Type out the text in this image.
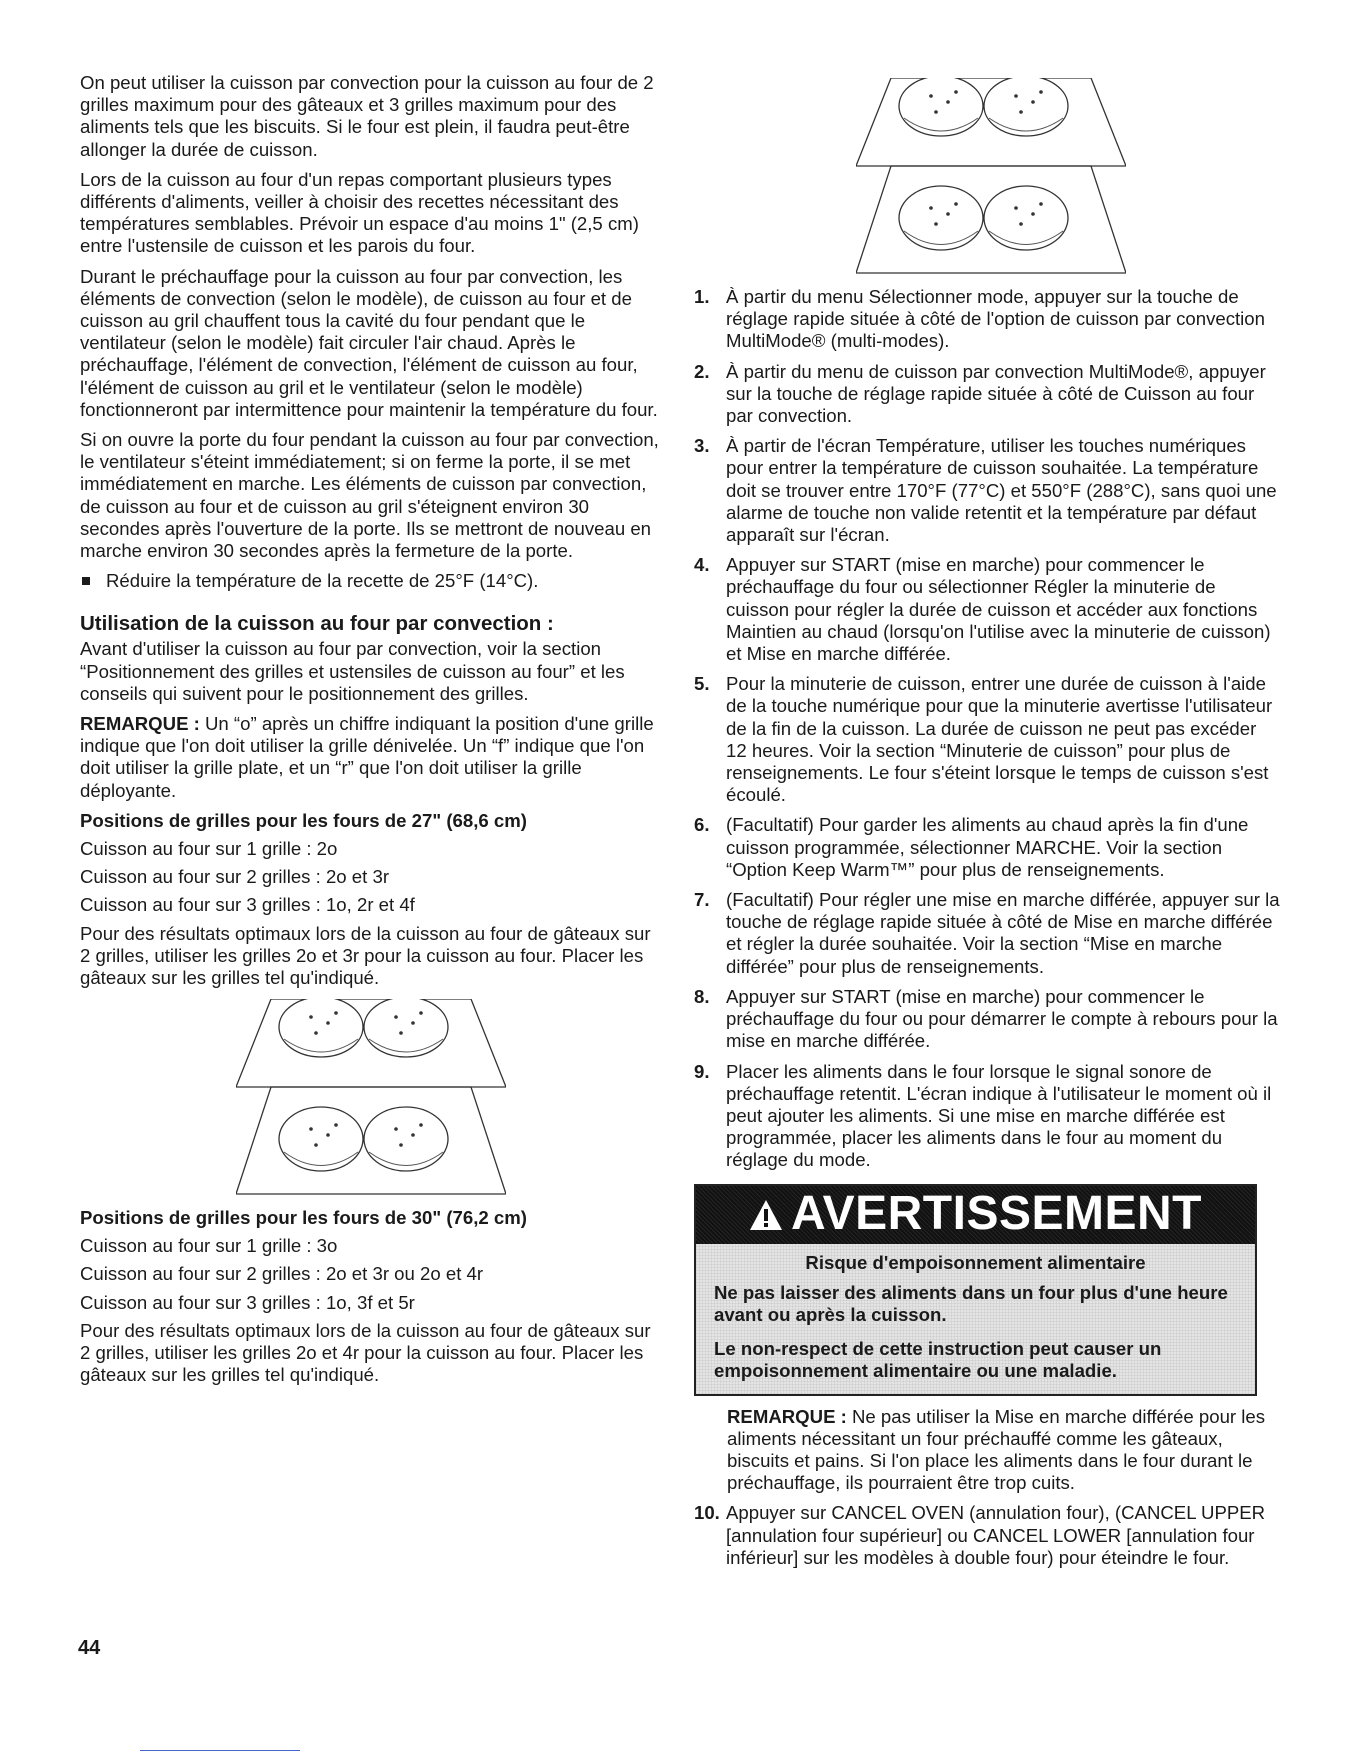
On peut utiliser la cuisson par convection pour la cuisson au four de 2 grilles maximum pour des gâteaux et 3 grilles maximum pour des aliments tels que les biscuits. Si le four est plein, il faudra peut-être allonger la durée de cuisson.

Lors de la cuisson au four d'un repas comportant plusieurs types différents d'aliments, veiller à choisir des recettes nécessitant des températures semblables. Prévoir un espace d'au moins 1" (2,5 cm) entre l'ustensile de cuisson et les parois du four.

Durant le préchauffage pour la cuisson au four par convection, les éléments de convection (selon le modèle), de cuisson au four et de cuisson au gril chauffent tous la cavité du four pendant que le ventilateur (selon le modèle) fait circuler l'air chaud. Après le préchauffage, l'élément de convection, l'élément de cuisson au four, l'élément de cuisson au gril et le ventilateur (selon le modèle) fonctionneront par intermittence pour maintenir la température du four.

Si on ouvre la porte du four pendant la cuisson au four par convection, le ventilateur s'éteint immédiatement; si on ferme la porte, il se met immédiatement en marche. Les éléments de cuisson par convection, de cuisson au four et de cuisson au gril s'éteignent environ 30 secondes après l'ouverture de la porte. Ils se mettront de nouveau en marche environ 30 secondes après la fermeture de la porte.

Réduire la température de la recette de 25°F (14°C).
Utilisation de la cuisson au four par convection :

Avant d'utiliser la cuisson au four par convection, voir la section “Positionnement des grilles et ustensiles de cuisson au four” et les conseils qui suivent pour le positionnement des grilles.

REMARQUE : Un “o” après un chiffre indiquant la position d'une grille indique que l'on doit utiliser la grille dénivelée. Un “f” indique que l'on doit utiliser la grille plate, et un “r” que l'on doit utiliser la grille déployante.

Positions de grilles pour les fours de 27" (68,6 cm)
Cuisson au four sur 1 grille : 2o
Cuisson au four sur 2 grilles : 2o et 3r
Cuisson au four sur 3 grilles : 1o, 2r et 4f

Pour des résultats optimaux lors de la cuisson au four de gâteaux sur 2 grilles, utiliser les grilles 2o et 3r pour la cuisson au four. Placer les gâteaux sur les grilles tel qu'indiqué.

Positions de grilles pour les fours de 30" (76,2 cm)
Cuisson au four sur 1 grille : 3o
Cuisson au four sur 2 grilles : 2o et 3r ou 2o et 4r
Cuisson au four sur 3 grilles : 1o, 3f et 5r

Pour des résultats optimaux lors de la cuisson au four de gâteaux sur 2 grilles, utiliser les grilles 2o et 4r pour la cuisson au four. Placer les gâteaux sur les grilles tel qu'indiqué.

1. À partir du menu Sélectionner mode, appuyer sur la touche de réglage rapide située à côté de l'option de cuisson par convection MultiMode® (multi-modes).
2. À partir du menu de cuisson par convection MultiMode®, appuyer sur la touche de réglage rapide située à côté de Cuisson au four par convection.
3. À partir de l'écran Température, utiliser les touches numériques pour entrer la température de cuisson souhaitée. La température doit se trouver entre 170°F (77°C) et 550°F (288°C), sans quoi une alarme de touche non valide retentit et la température par défaut apparaît sur l'écran.
4. Appuyer sur START (mise en marche) pour commencer le préchauffage du four ou sélectionner Régler la minuterie de cuisson pour régler la durée de cuisson et accéder aux fonctions Maintien au chaud (lorsqu'on l'utilise avec la minuterie de cuisson) et Mise en marche différée.
5. Pour la minuterie de cuisson, entrer une durée de cuisson à l'aide de la touche numérique pour que la minuterie avertisse l'utilisateur de la fin de la cuisson. La durée de cuisson ne peut pas excéder 12 heures. Voir la section “Minuterie de cuisson” pour plus de renseignements. Le four s'éteint lorsque le temps de cuisson s'est écoulé.
6. (Facultatif) Pour garder les aliments au chaud après la fin d'une cuisson programmée, sélectionner MARCHE. Voir la section “Option Keep Warm™” pour plus de renseignements.
7. (Facultatif) Pour régler une mise en marche différée, appuyer sur la touche de réglage rapide située à côté de Mise en marche différée et régler la durée souhaitée. Voir la section “Mise en marche différée” pour plus de renseignements.
8. Appuyer sur START (mise en marche) pour commencer le préchauffage du four ou pour démarrer le compte à rebours pour la mise en marche différée.
9. Placer les aliments dans le four lorsque le signal sonore de préchauffage retentit. L'écran indique à l'utilisateur le moment où il peut ajouter les aliments. Si une mise en marche différée est programmée, placer les aliments dans le four au moment du réglage du mode.
AVERTISSEMENT
Risque d'empoisonnement alimentaire

Ne pas laisser des aliments dans un four plus d'une heure avant ou après la cuisson.

Le non-respect de cette instruction peut causer un empoisonnement alimentaire ou une maladie.

REMARQUE : Ne pas utiliser la Mise en marche différée pour les aliments nécessitant un four préchauffé comme les gâteaux, biscuits et pains. Si l'on place les aliments dans le four durant le préchauffage, ils pourraient être trop cuits.

10. Appuyer sur CANCEL OVEN (annulation four), (CANCEL UPPER [annulation four supérieur] ou CANCEL LOWER [annulation four inférieur] sur les modèles à double four) pour éteindre le four.
44
